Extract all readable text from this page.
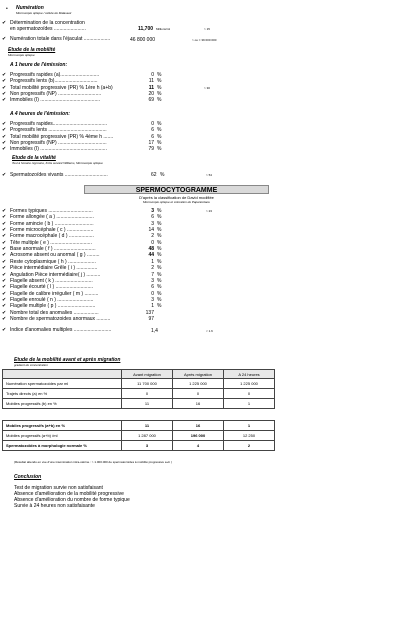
• Numération
Microscopie optique / cellule de Malassez
✔ Détermination de la concentration
en spermatozoïdes .......................	11,700 Millions/ml	> 15
✔ Numération totale dans l'éjaculat ...................	46 800 000	> ou = 39 000 000
Etude de la mobilité
Microscopie optique
A 1 heure de l'émission:
✔ Progressifs rapides (a)............................	0 %
✔ Progressifs lents (b)...............................	11 %
✔ Total mobilité progressive (PR) % 1ère h (a+b)	11 %	> 30
✔ Non progressifs (NP) ...............................	20 %
✔ Immobiles (I) ...........................................	69 %
A 4 heures de l'émission:
✔ Progressifs rapides.......................................	0 %
✔ Progressifs lents ..........................................	6 %
✔ Total mobilité progressive (PR) % 4ème h .......	6 %
✔ Non progressifs (NP) ...................................	17 %
✔ Immobiles (I) ................................................	79 %
Etude de la vitalité
Test à l'éosine nigrosine, frotis suivant Williams, Microscopie optique
✔ Spermatozoïdes vivants ...............................	62 %	> 54
SPERMOCYTOGRAMME
D'après la classification de David modifiée
Microscopie optique et coloration de Papanicolaou
✔ Formes typiques ................................	3 %	> 23
✔ Forme allongée ( a ) ...........................	6 %
✔ Forme amincie ( b ) ............................	3 %
✔ Forme microcéphale ( c ) ...................	14 %
✔ Forme macrocéphale ( d ) ..................	2 %
✔ Tête multiple ( e ) ..............................	0 %
✔ Base anormale ( f ) ..............................	48 %
✔ Acrosome absent ou anormal ( g ) .........	44 %
✔ Reste cytoplasmique ( h ) ....................	1 %
✔ Pièce intermédiaire Grêle ( i ) ...............	2 %
✔ Angulation Pièce intermédiaire( j ) ..........	7 %
✔ Flagelle absent ( k ) ...........................	3 %
✔ Flagelle écourté ( l ) ...........................	6 %
✔ Flagelle de calibre irrégulier ( m ) ..........	0 %
✔ Flagelle enroulé ( n ) ..........................	3 %
✔ Flagelle multiple ( p ) ...........................	1 %
✔ Nombre total des anomalies ..................	137
✔ Nombre de spermatozoides anormaux ..........	97
✔ Indice d'anomalies multiples ...........................	1,4	< 1.6
Etude de la mobilité avant et après migration
gradient de concentration
	Avant migration	Après migration	A 24 heures
Numération spermatozoides par ml	11 700 000	1 225 000	1 225 000
Trajets directs (a) en %	0	0	0
Mobiles progressifs (b) en %	11	16	1
Mobiles progressifs (a+b) en %	11	16	1
Mobiles progressifs (a+b) /ml	1 287 000	196 000	12 250
Spermatozoïdes à morphologie normale %	3	4	2
(Résultat attendu en vue d'une insémination intra-utérine : > 1.000.000 de spermatozoïdes à mobilité progressive a+b )
Conclusion
Test de migration survie non satisfaisant
Absence d'amélioration de la mobilité progressive
Absence d'amélioration du nombre de forme typique
Survie à 24 heures non satisfaisante
